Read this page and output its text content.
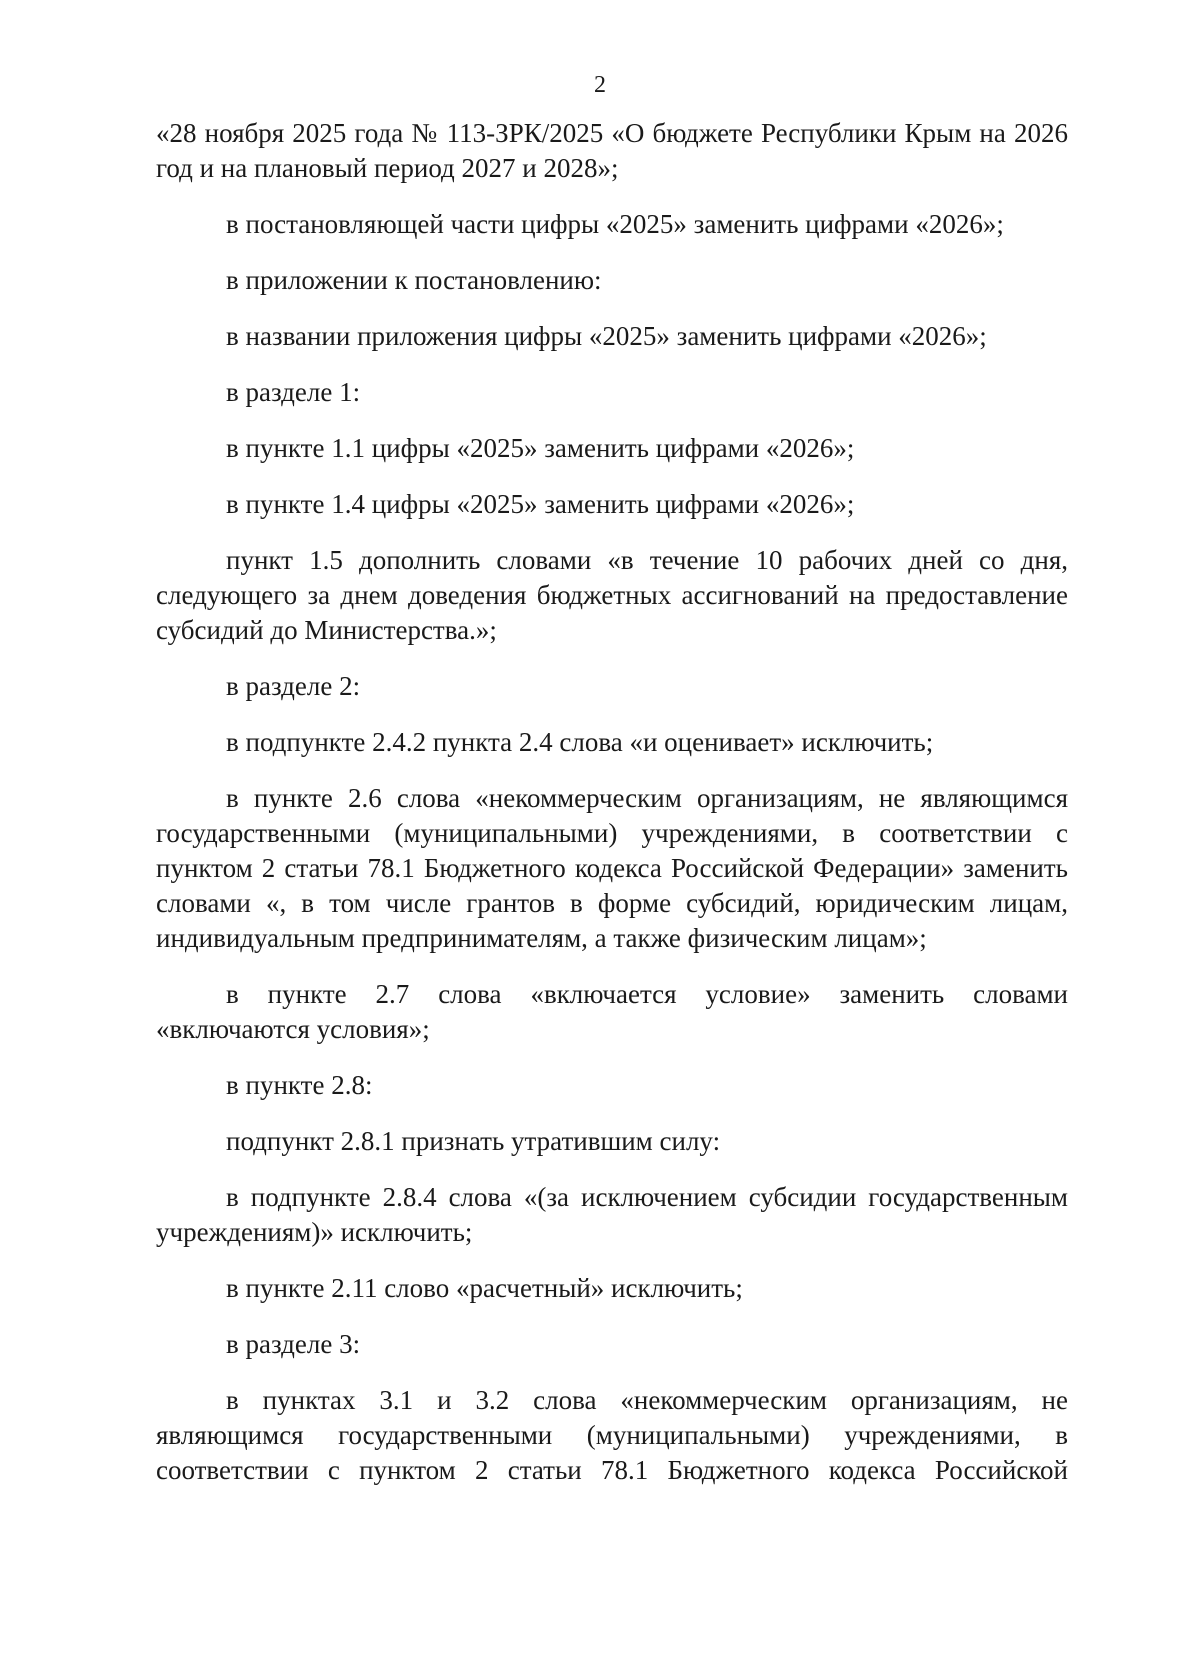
2

«28 ноября 2025 года № 113-ЗРК/2025 «О бюджете Республики Крым на 2026 год и на плановый период 2027 и 2028»;

в постановляющей части цифры «2025» заменить цифрами «2026»;

в приложении к постановлению:

в названии приложения цифры «2025» заменить цифрами «2026»;

в разделе 1:

в пункте 1.1 цифры «2025» заменить цифрами «2026»;

в пункте 1.4 цифры «2025» заменить цифрами «2026»;

пункт 1.5 дополнить словами «в течение 10 рабочих дней со дня, следующего за днем доведения бюджетных ассигнований на предоставление субсидий до Министерства.»;

в разделе 2:

в подпункте 2.4.2 пункта 2.4 слова «и оценивает» исключить;

в пункте 2.6 слова «некоммерческим организациям, не являющимся государственными (муниципальными) учреждениями, в соответствии с пунктом 2 статьи 78.1 Бюджетного кодекса Российской Федерации» заменить словами «, в том числе грантов в форме субсидий, юридическим лицам, индивидуальным предпринимателям, а также физическим лицам»;

в пункте 2.7 слова «включается условие» заменить словами «включаются условия»;

в пункте 2.8:

подпункт 2.8.1 признать утратившим силу:

в подпункте 2.8.4 слова «(за исключением субсидии государственным учреждениям)» исключить;

в пункте 2.11 слово «расчетный» исключить;

в разделе 3:

в пунктах 3.1 и 3.2 слова «некоммерческим организациям, не являющимся государственными (муниципальными) учреждениями, в соответствии с пунктом 2 статьи 78.1 Бюджетного кодекса Российской
